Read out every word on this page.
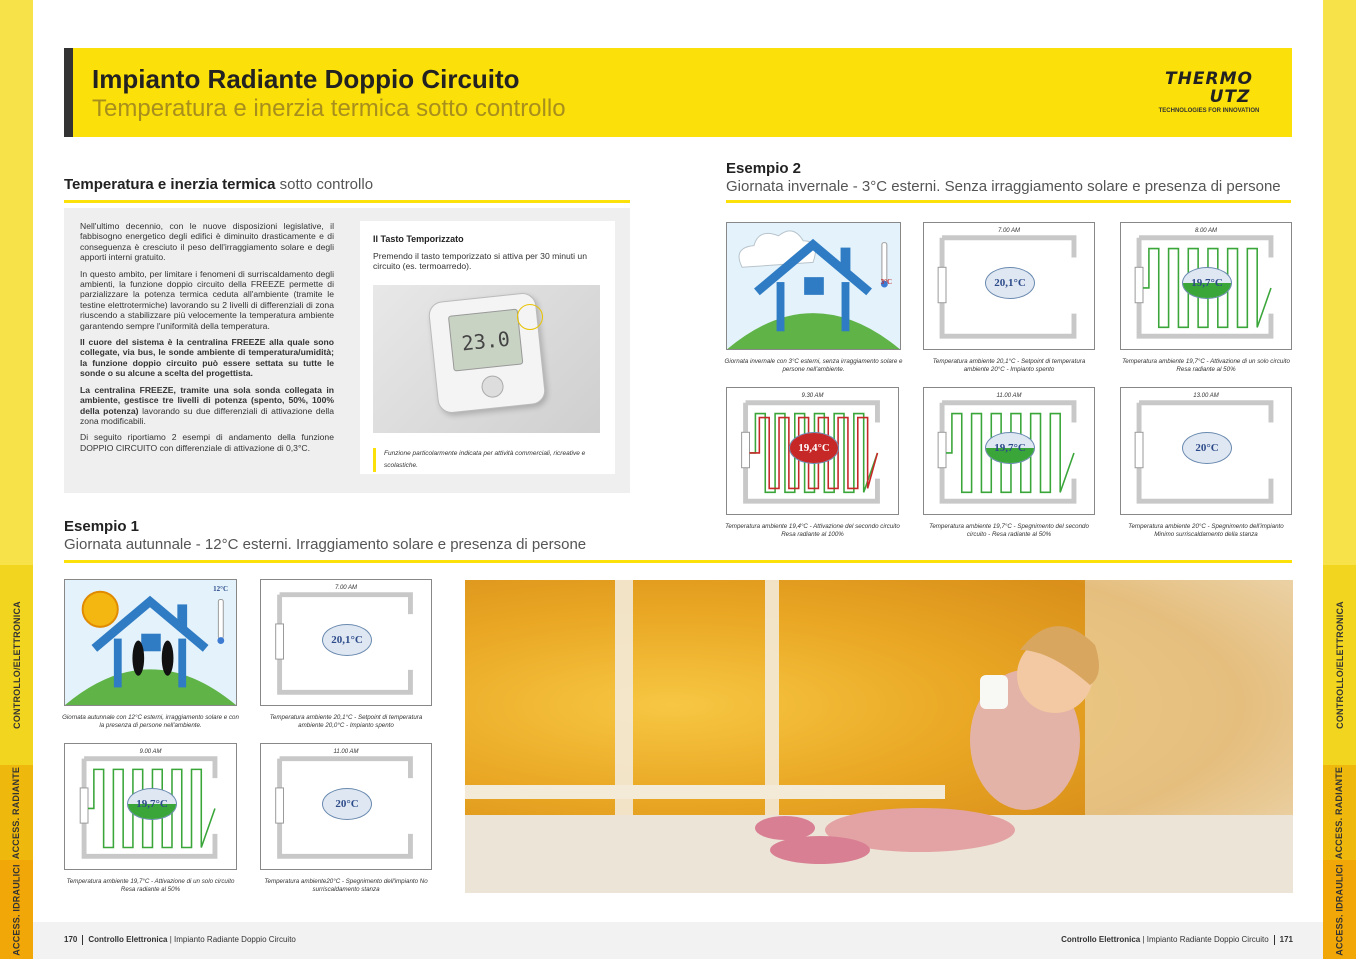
CONTROLLO/ELETTRONICA
ACCESS. RADIANTE
ACCESS. IDRAULICI
CONTROLLO/ELETTRONICA
ACCESS. RADIANTE
ACCESS. IDRAULICI
Impianto Radiante Doppio Circuito
Temperatura e inerzia termica sotto controllo
THERMO
UTZ
TECHNOLOGIES FOR INNOVATION
Temperatura e inerzia termica sotto controllo

Nell'ultimo decennio, con le nuove disposizioni legislative, il fabbisogno energetico degli edifici è diminuito drasticamente e di conseguenza è cresciuto il peso dell'irraggiamento solare e degli apporti interni gratuito.

In questo ambito, per limitare i fenomeni di surriscaldamento degli ambienti, la funzione doppio circuito della FREEZE permette di parzializzare la potenza termica ceduta all'ambiente (tramite le testine elettrotermiche) lavorando su 2 livelli di differenziali di zona riuscendo a stabilizzare più velocemente la temperatura ambiente garantendo sempre l'uniformità della temperatura.

Il cuore del sistema è la centralina FREEZE alla quale sono collegate, via bus, le sonde ambiente di temperatura/umidità; la funzione doppio circuito può essere settata su tutte le sonde o su alcune a scelta del progettista.

La centralina FREEZE, tramite una sola sonda collegata in ambiente, gestisce tre livelli di potenza (spento, 50%, 100% della potenza) lavorando su due differenziali di attivazione della zona modificabili.

Di seguito riportiamo 2 esempi di andamento della funzione DOPPIO CIRCUITO con differenziale di attivazione di 0,3°C.

Il Tasto Temporizzato
Premendo il tasto temporizzato si attiva per 30 minuti un circuito (es. termoarredo).
23.0
Funzione particolarmente indicata per attività commerciali, ricreative e scolastiche.
Esempio 2
Giornata invernale - 3°C esterni. Senza irraggiamento solare e presenza di persone
Esempio 1
Giornata autunnale - 12°C esterni. Irraggiamento solare e presenza di persone
3°C
Giornata invernale con 3°C esterni, senza irraggiamento solare e persone nell'ambiente.
7.00 AM
20,1°C
Temperatura ambiente 20,1°C - Setpoint di temperatura ambiente 20°C - Impianto spento
8.00 AM
19,7°C
Temperatura ambiente 19,7°C - Attivazione di un solo circuito Resa radiante al 50%
9.30 AM
19,4°C
Temperatura ambiente 19,4°C - Attivazione del secondo circuito Resa radiante al 100%
11.00 AM
19,7°C
Temperatura ambiente 19,7°C - Spegnimento del secondo circuito - Resa radiante al 50%
13.00 AM
20°C
Temperatura ambiente 20°C - Spegnimento dell'impianto Minimo surriscaldamento della stanza
12°C
Giornata autunnale con 12°C esterni, irraggiamento solare e con la presenza di persone nell'ambiente.
7.00 AM
20,1°C
Temperatura ambiente 20,1°C - Setpoint di temperatura ambiente 20,0°C - Impianto spento
9.00 AM
19,7°C
Temperatura ambiente 19,7°C - Attivazione di un solo circuito Resa radiante al 50%
11.00 AM
20°C
Temperatura ambiente20°C - Spegnimento dell'impianto No surriscaldamento stanza
170 Controllo Elettronica | Impianto Radiante Doppio Circuito	Controllo Elettronica | Impianto Radiante Doppio Circuito 171
